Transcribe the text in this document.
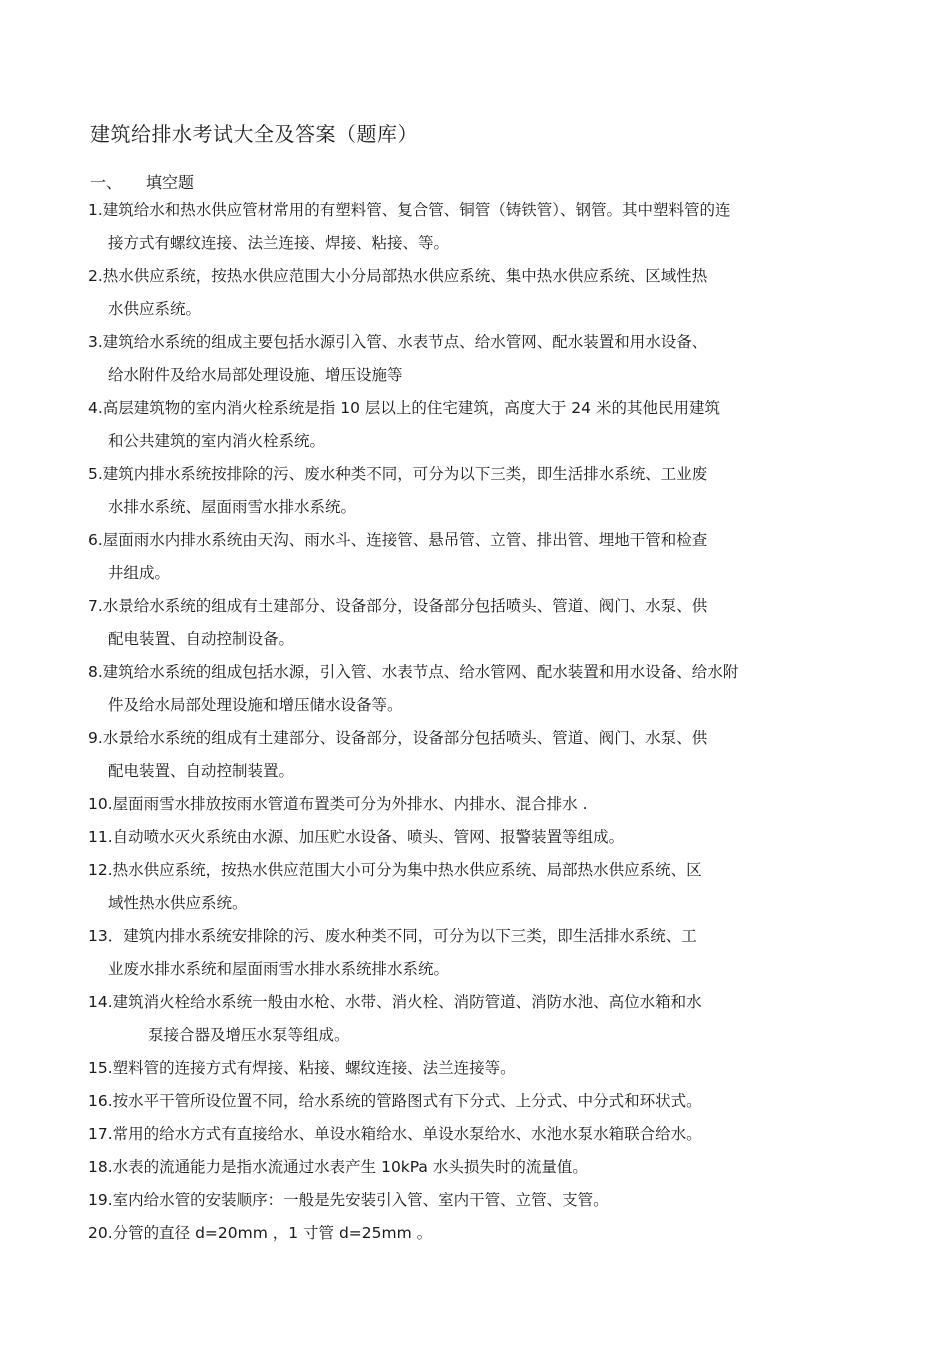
建筑给排水考试大全及答案（题库）
一、 填空题
1.建筑给水和热水供应管材常用的有塑料管、复合管、铜管（铸铁管）、钢管。其中塑料管的连
接方式有螺纹连接、法兰连接、焊接、粘接、等。
2.热水供应系统，按热水供应范围大小分局部热水供应系统、集中热水供应系统、区域性热
水供应系统。
3.建筑给水系统的组成主要包括水源引入管、水表节点、给水管网、配水装置和用水设备、
给水附件及给水局部处理设施、增压设施等
4.高层建筑物的室内消火栓系统是指 10 层以上的住宅建筑，高度大于 24 米的其他民用建筑
和公共建筑的室内消火栓系统。
5.建筑内排水系统按排除的污、废水种类不同，可分为以下三类，即生活排水系统、工业废
水排水系统、屋面雨雪水排水系统。
6.屋面雨水内排水系统由天沟、雨水斗、连接管、悬吊管、立管、排出管、埋地干管和检查
井组成。
7.水景给水系统的组成有土建部分、设备部分，设备部分包括喷头、管道、阀门、水泵、供
配电装置、自动控制设备。
8.建筑给水系统的组成包括水源，引入管、水表节点、给水管网、配水装置和用水设备、给水附
件及给水局部处理设施和增压储水设备等。
9.水景给水系统的组成有土建部分、设备部分，设备部分包括喷头、管道、阀门、水泵、供
配电装置、自动控制装置。
10.屋面雨雪水排放按雨水管道布置类可分为外排水、内排水、混合排水 .
11.自动喷水灭火系统由水源、加压贮水设备、喷头、管网、报警装置等组成。
12.热水供应系统，按热水供应范围大小可分为集中热水供应系统、局部热水供应系统、区
域性热水供应系统。
13．建筑内排水系统安排除的污、废水种类不同，可分为以下三类，即生活排水系统、工
业废水排水系统和屋面雨雪水排水系统排水系统。
14.建筑消火栓给水系统一般由水枪、水带、消火栓、消防管道、消防水池、高位水箱和水
泵接合器及增压水泵等组成。
15.塑料管的连接方式有焊接、粘接、螺纹连接、法兰连接等。
16.按水平干管所设位置不同，给水系统的管路图式有下分式、上分式、中分式和环状式。
17.常用的给水方式有直接给水、单设水箱给水、单设水泵给水、水池水泵水箱联合给水。
18.水表的流通能力是指水流通过水表产生 10kPa 水头损失时的流量值。
19.室内给水管的安装顺序：一般是先安装引入管、室内干管、立管、支管。
20.分管的直径 d=20mm ，1 寸管 d=25mm 。
